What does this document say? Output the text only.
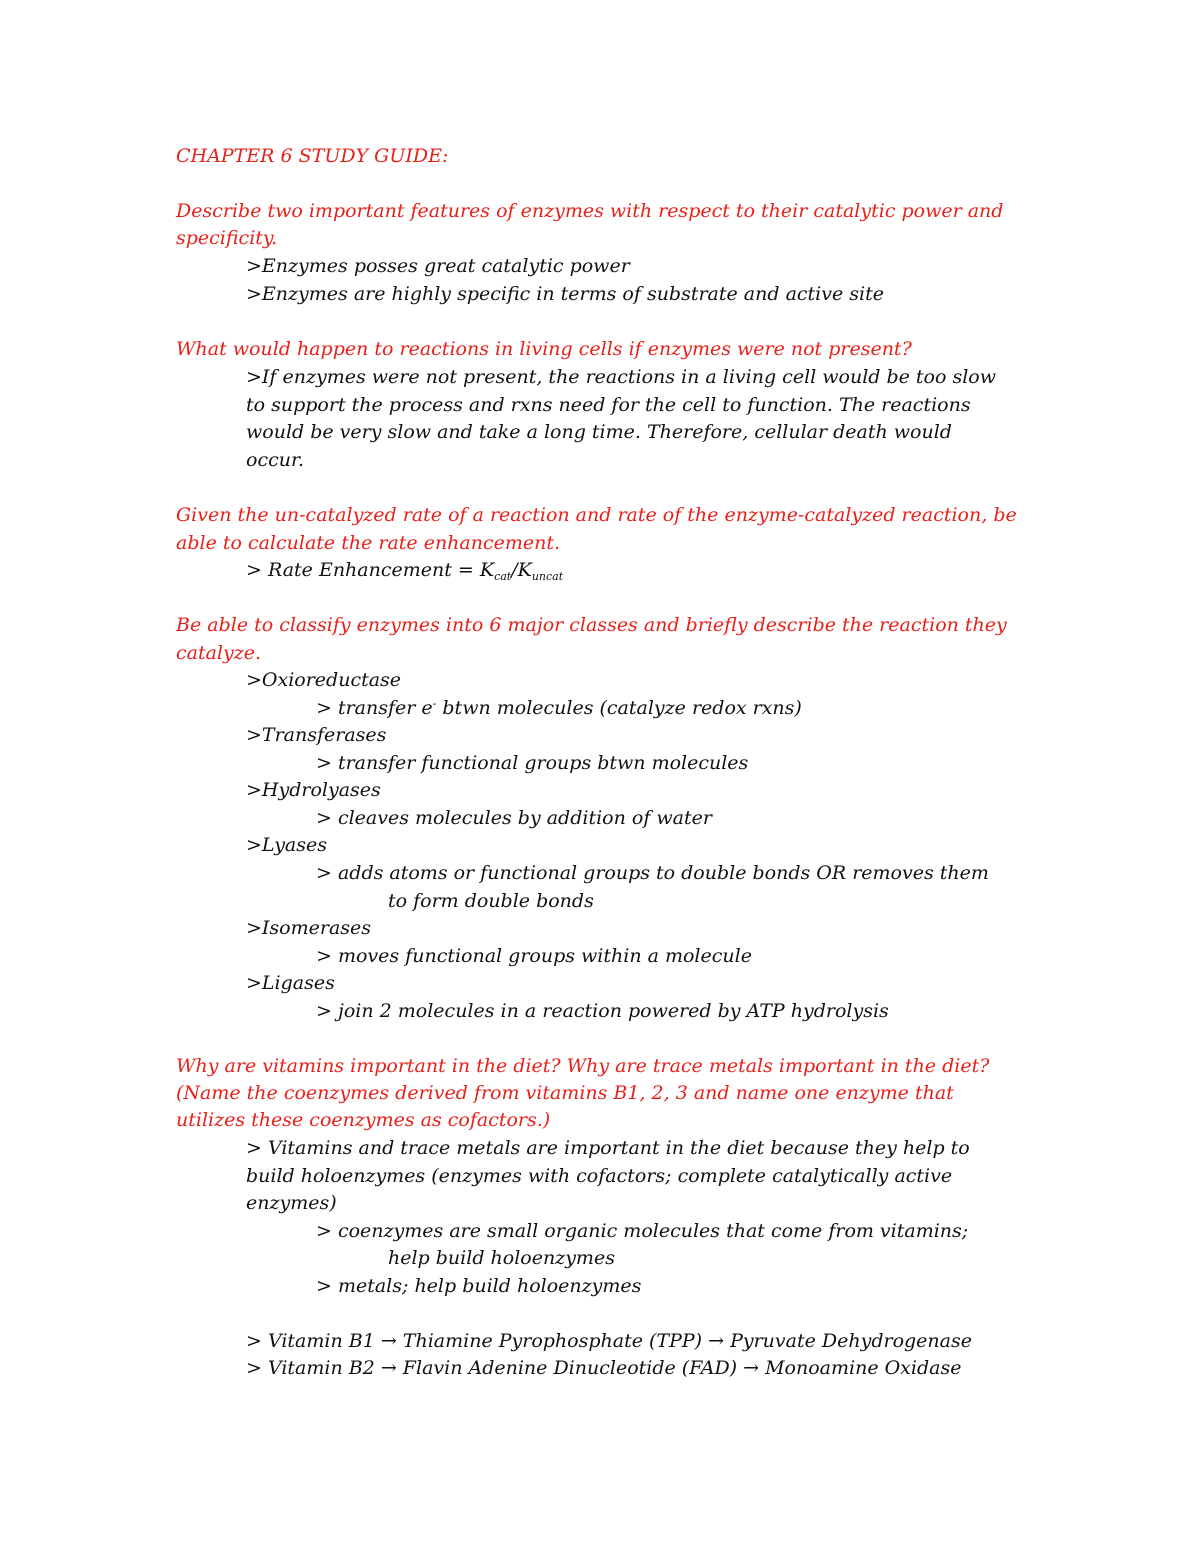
CHAPTER 6 STUDY GUIDE:
Describe two important features of enzymes with respect to their catalytic power and
specificity.
>Enzymes posses great catalytic power
>Enzymes are highly specific in terms of substrate and active site
What would happen to reactions in living cells if enzymes were not present?
>If enzymes were not present, the reactions in a living cell would be too slow
to support the process and rxns need for the cell to function. The reactions
would be very slow and take a long time. Therefore, cellular death would
occur.
Given the un-catalyzed rate of a reaction and rate of the enzyme-catalyzed reaction, be
able to calculate the rate enhancement.
> Rate Enhancement = $K_{cat}/K_{uncat}$
Be able to classify enzymes into 6 major classes and briefly describe the reaction they
catalyze.
>Oxioreductase
> transfer e- btwn molecules (catalyze redox rxns)
>Transferases
> transfer functional groups btwn molecules
>Hydrolyases
> cleaves molecules by addition of water
>Lyases
> adds atoms or functional groups to double bonds OR removes them
to form double bonds
>Isomerases
> moves functional groups within a molecule
>Ligases
> join 2 molecules in a reaction powered by ATP hydrolysis
Why are vitamins important in the diet? Why are trace metals important in the diet?
(Name the coenzymes derived from vitamins B1, 2, 3 and name one enzyme that
utilizes these coenzymes as cofactors.)
> Vitamins and trace metals are important in the diet because they help to
build holoenzymes (enzymes with cofactors; complete catalytically active
enzymes)
> coenzymes are small organic molecules that come from vitamins;
help build holoenzymes
> metals; help build holoenzymes
> Vitamin B1 → Thiamine Pyrophosphate (TPP) → Pyruvate Dehydrogenase
> Vitamin B2 → Flavin Adenine Dinucleotide (FAD) → Monoamine Oxidase
